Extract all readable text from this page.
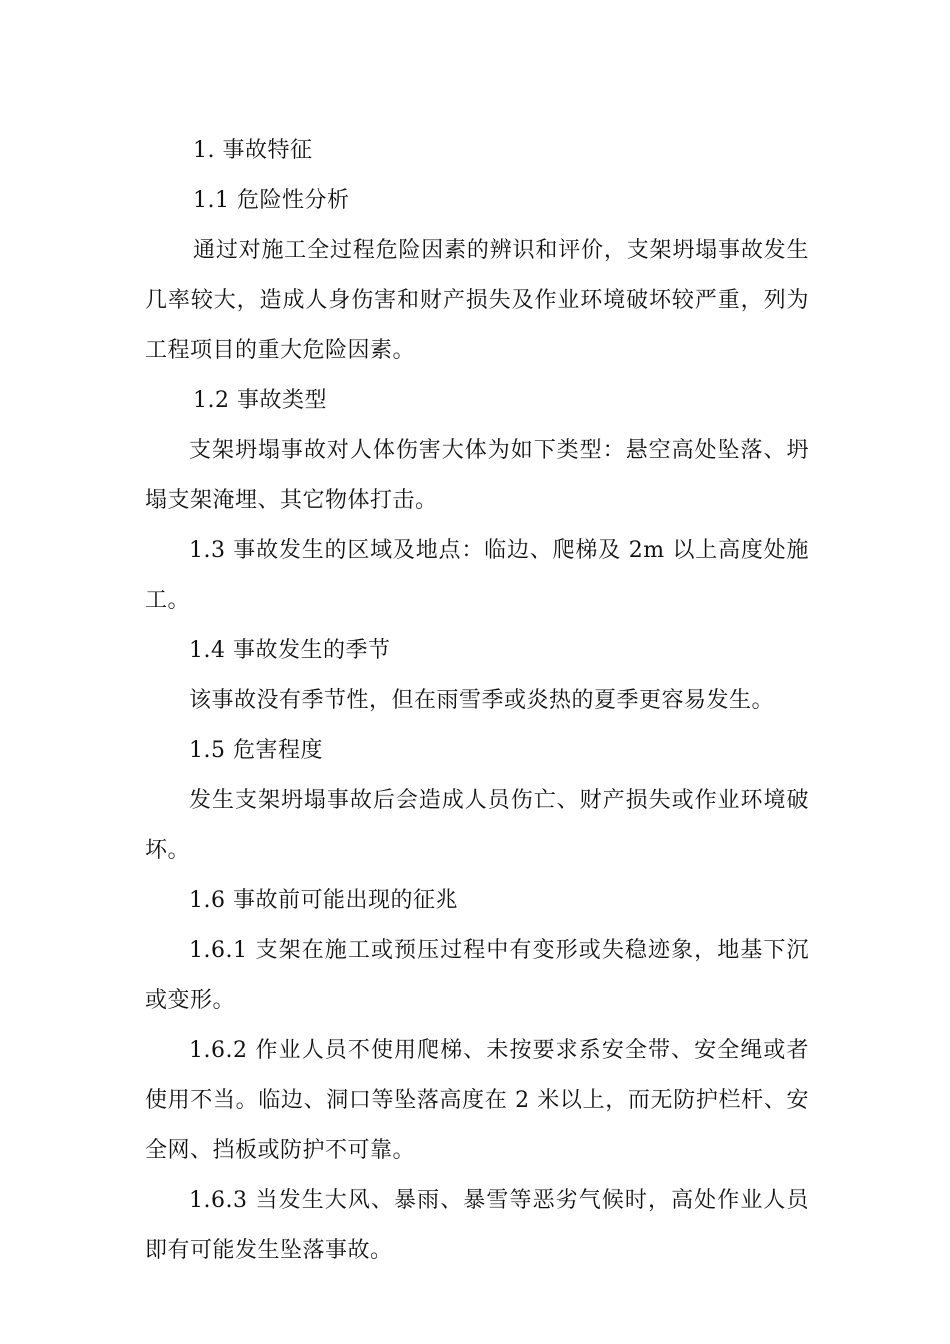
1. 事故特征

1.1 危险性分析

通过对施工全过程危险因素的辨识和评价，支架坍塌事故发生几率较大，造成人身伤害和财产损失及作业环境破坏较严重，列为工程项目的重大危险因素。

1.2 事故类型

支架坍塌事故对人体伤害大体为如下类型：悬空高处坠落、坍塌支架淹埋、其它物体打击。

1.3 事故发生的区域及地点：临边、爬梯及 2m 以上高度处施工。

1.4 事故发生的季节

该事故没有季节性，但在雨雪季或炎热的夏季更容易发生。

1.5 危害程度

发生支架坍塌事故后会造成人员伤亡、财产损失或作业环境破坏。

1.6 事故前可能出现的征兆

1.6.1 支架在施工或预压过程中有变形或失稳迹象，地基下沉或变形。

1.6.2 作业人员不使用爬梯、未按要求系安全带、安全绳或者使用不当。临边、洞口等坠落高度在 2 米以上，而无防护栏杆、安全网、挡板或防护不可靠。

1.6.3 当发生大风、暴雨、暴雪等恶劣气候时，高处作业人员即有可能发生坠落事故。
